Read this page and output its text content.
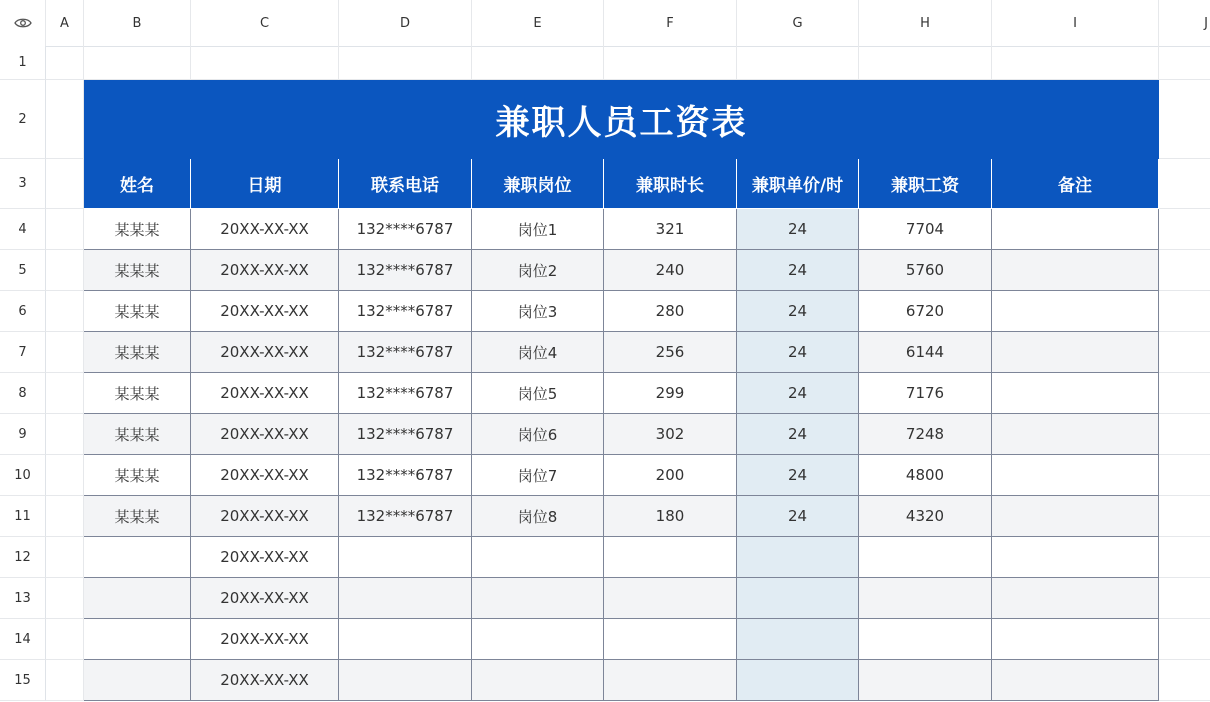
A	B	C	D	E	F	G	H	I	J
1
2
3
4
5
6
7
8
9
10
11
12
13
14
15
兼职人员工资表
姓名	日期	联系电话	兼职岗位	兼职时长	兼职单价/时	兼职工资	备注
某某某	20XX-XX-XX	132****6787	岗位1	321	24	7704
某某某	20XX-XX-XX	132****6787	岗位2	240	24	5760
某某某	20XX-XX-XX	132****6787	岗位3	280	24	6720
某某某	20XX-XX-XX	132****6787	岗位4	256	24	6144
某某某	20XX-XX-XX	132****6787	岗位5	299	24	7176
某某某	20XX-XX-XX	132****6787	岗位6	302	24	7248
某某某	20XX-XX-XX	132****6787	岗位7	200	24	4800
某某某	20XX-XX-XX	132****6787	岗位8	180	24	4320
20XX-XX-XX
20XX-XX-XX
20XX-XX-XX
20XX-XX-XX
